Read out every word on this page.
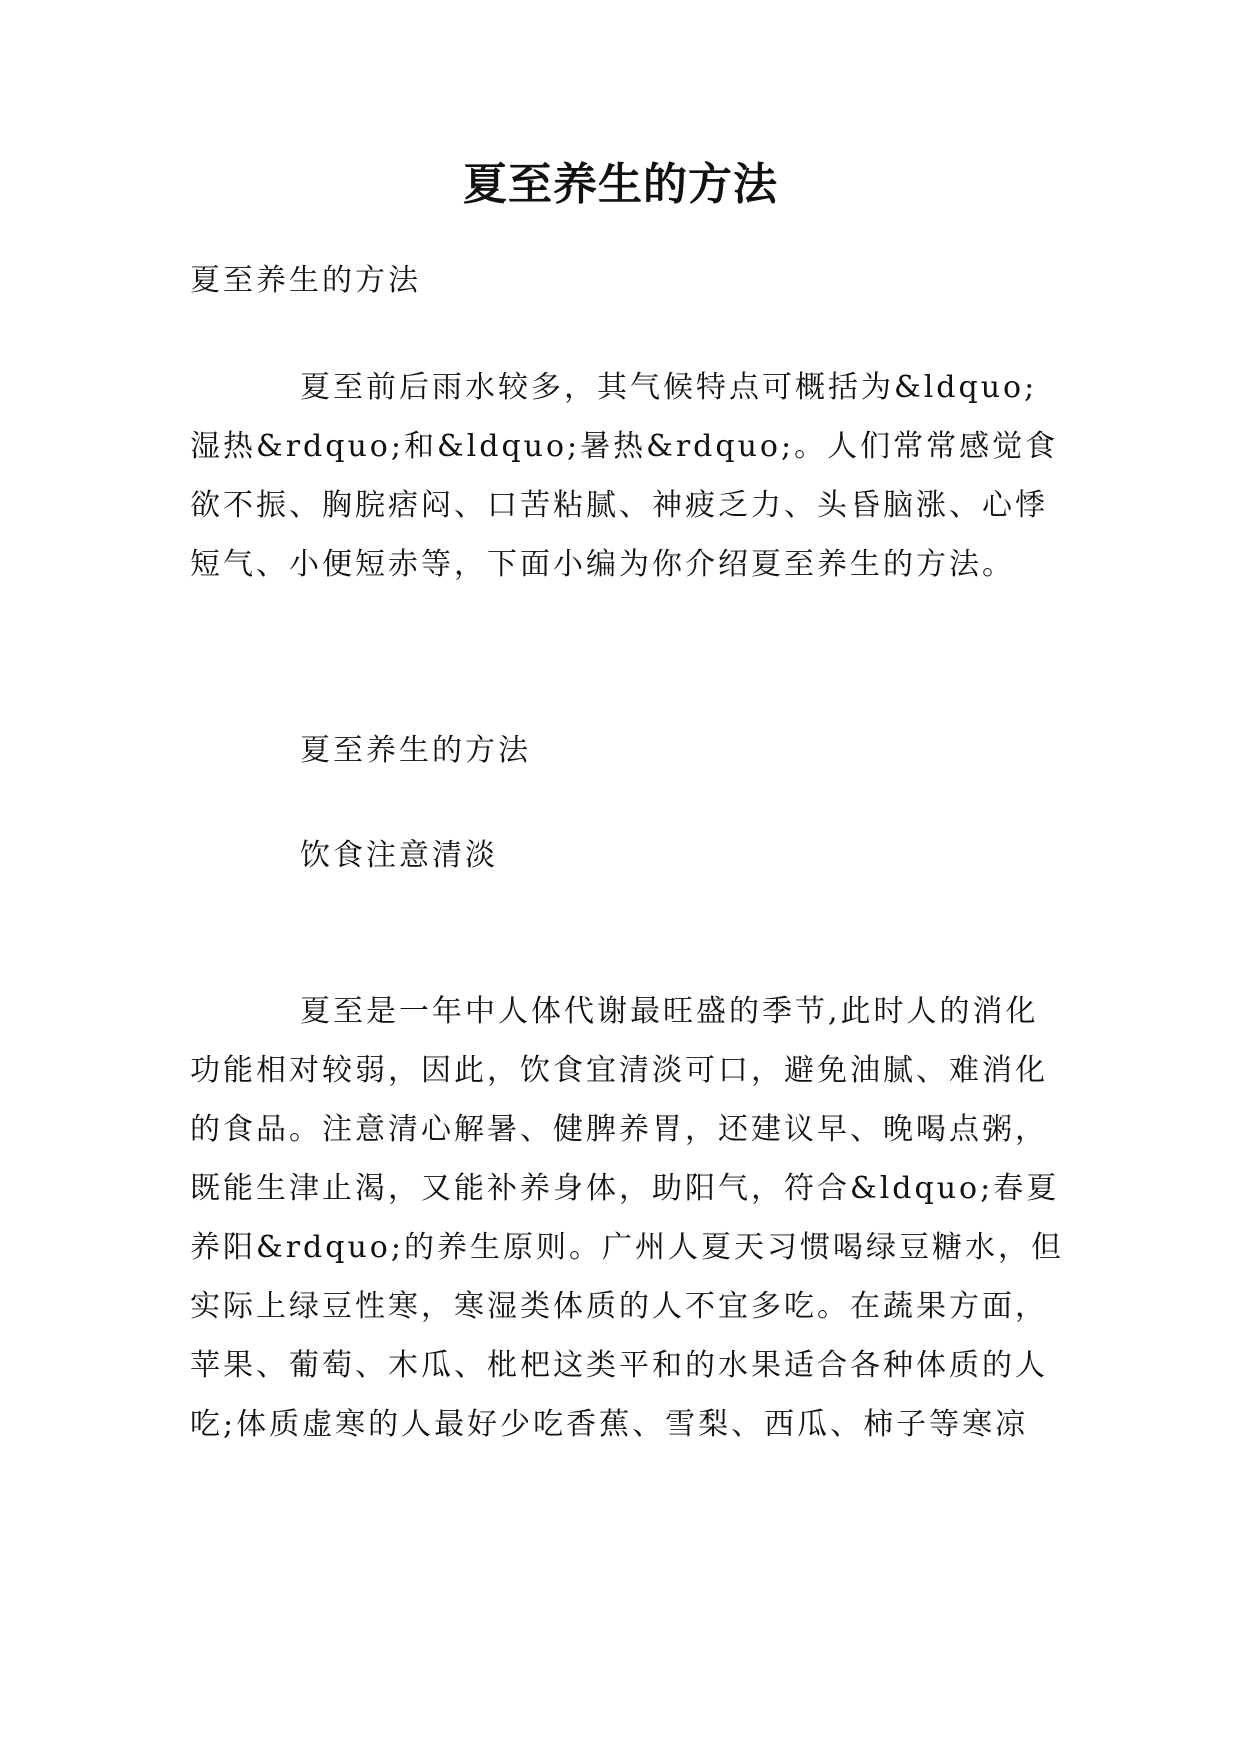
夏至养生的方法

夏至养生的方法

夏至前后雨水较多，其气候特点可概括为&ldquo;湿热&rdquo;和&ldquo;暑热&rdquo;。人们常常感觉食欲不振、胸脘痞闷、口苦粘腻、神疲乏力、头昏脑涨、心悸短气、小便短赤等，下面小编为你介绍夏至养生的方法。

夏至养生的方法

饮食注意清淡

夏至是一年中人体代谢最旺盛的季节,此时人的消化功能相对较弱，因此，饮食宜清淡可口，避免油腻、难消化的食品。注意清心解暑、健脾养胃，还建议早、晚喝点粥，既能生津止渴，又能补养身体，助阳气，符合&ldquo;春夏养阳&rdquo;的养生原则。广州人夏天习惯喝绿豆糖水，但实际上绿豆性寒，寒湿类体质的人不宜多吃。在蔬果方面，苹果、葡萄、木瓜、枇杷这类平和的水果适合各种体质的人吃;体质虚寒的人最好少吃香蕉、雪梨、西瓜、柿子等寒凉
